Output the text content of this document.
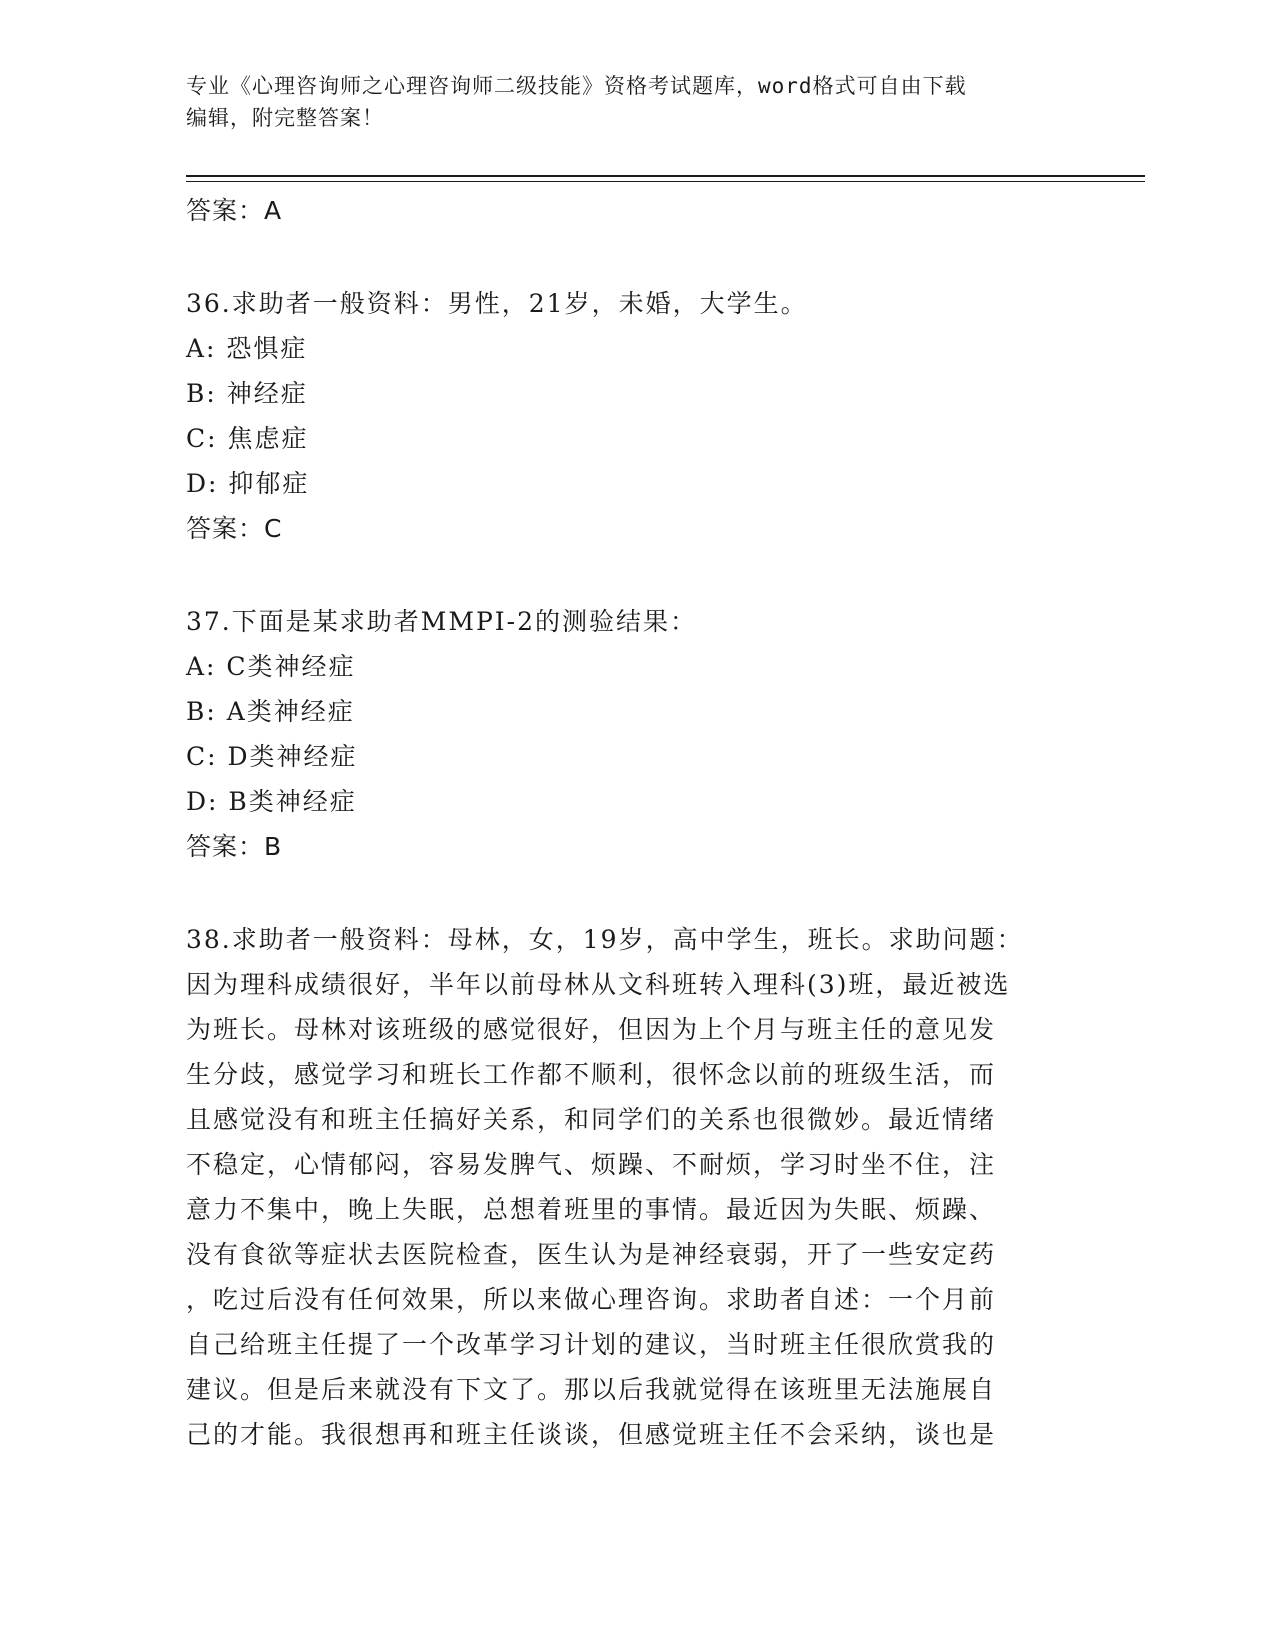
专业《心理咨询师之心理咨询师二级技能》资格考试题库，word格式可自由下载
编辑，附完整答案！
答案：A
36.求助者一般资料：男性，21岁，未婚，大学生。
A: 恐惧症
B: 神经症
C: 焦虑症
D: 抑郁症
答案：C
37.下面是某求助者MMPI-2的测验结果：
A: C类神经症
B: A类神经症
C: D类神经症
D: B类神经症
答案：B
38.求助者一般资料：母林，女，19岁，高中学生，班长。求助问题：
因为理科成绩很好，半年以前母林从文科班转入理科(3)班，最近被选
为班长。母林对该班级的感觉很好，但因为上个月与班主任的意见发
生分歧，感觉学习和班长工作都不顺利，很怀念以前的班级生活，而
且感觉没有和班主任搞好关系，和同学们的关系也很微妙。最近情绪
不稳定，心情郁闷，容易发脾气、烦躁、不耐烦，学习时坐不住，注
意力不集中，晚上失眠，总想着班里的事情。最近因为失眠、烦躁、
没有食欲等症状去医院检查，医生认为是神经衰弱，开了一些安定药
，吃过后没有任何效果，所以来做心理咨询。求助者自述：一个月前
自己给班主任提了一个改革学习计划的建议，当时班主任很欣赏我的
建议。但是后来就没有下文了。那以后我就觉得在该班里无法施展自
己的才能。我很想再和班主任谈谈，但感觉班主任不会采纳，谈也是
